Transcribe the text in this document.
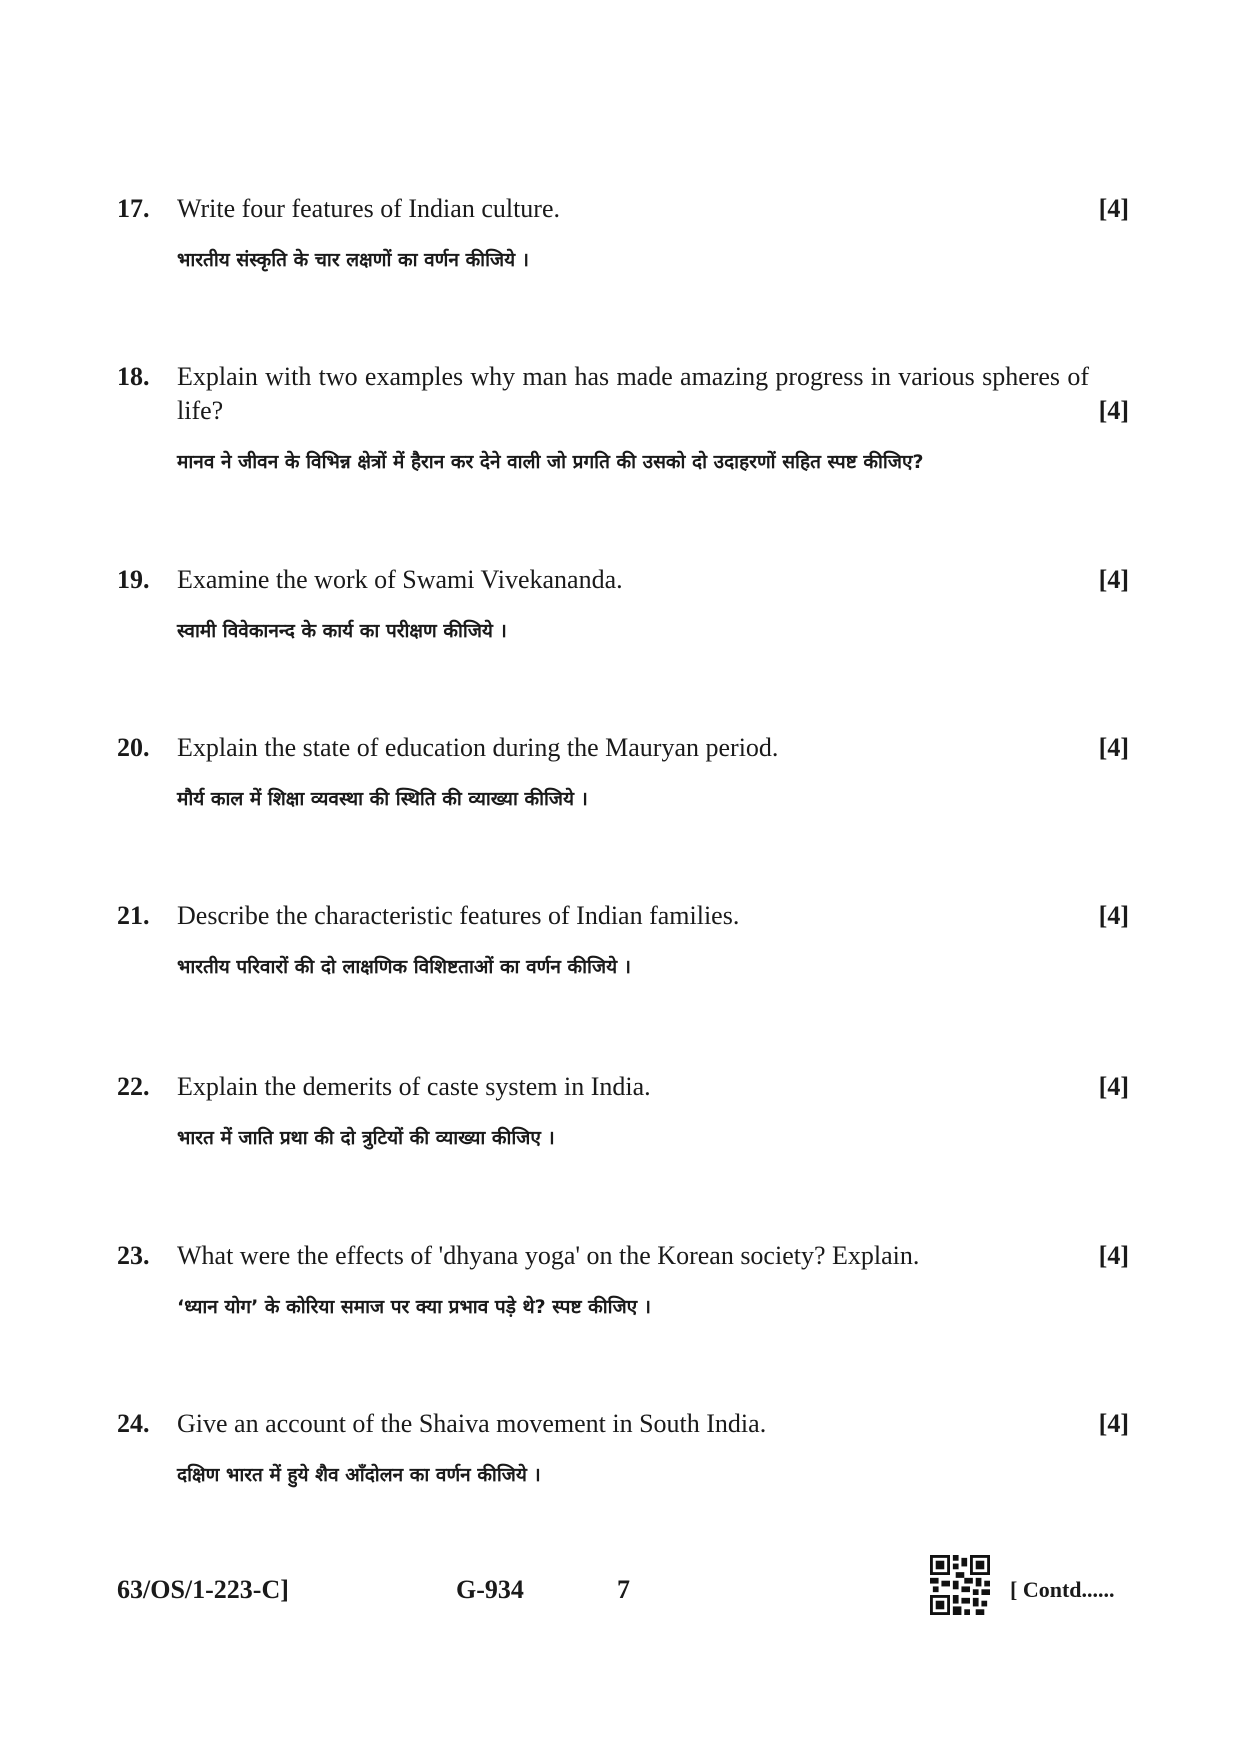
17. Write four features of Indian culture.	[4]
भारतीय संस्कृति के चार लक्षणों का वर्णन कीजिये ।
18. Explain with two examples why man has made amazing progress in various spheres of life?	[4]
मानव ने जीवन के विभिन्न क्षेत्रों में हैरान कर देने वाली जो प्रगति की उसको दो उदाहरणों सहित स्पष्ट कीजिए?
19. Examine the work of Swami Vivekananda.	[4]
स्वामी विवेकानन्द के कार्य का परीक्षण कीजिये ।
20. Explain the state of education during the Mauryan period.	[4]
मौर्य काल में शिक्षा व्यवस्था की स्थिति की व्याख्या कीजिये ।
21. Describe the characteristic features of Indian families.	[4]
भारतीय परिवारों की दो लाक्षणिक विशिष्टताओं का वर्णन कीजिये ।
22. Explain the demerits of caste system in India.	[4]
भारत में जाति प्रथा की दो त्रुटियों की व्याख्या कीजिए ।
23. What were the effects of 'dhyana yoga' on the Korean society? Explain.	[4]
‘ध्यान योग’ के कोरिया समाज पर क्या प्रभाव पड़े थे? स्पष्ट कीजिए ।
24. Give an account of the Shaiva movement in South India.	[4]
दक्षिण भारत में हुये शैव आँदोलन का वर्णन कीजिये ।
63/OS/1-223-C]	G-934	7	[ Contd......
